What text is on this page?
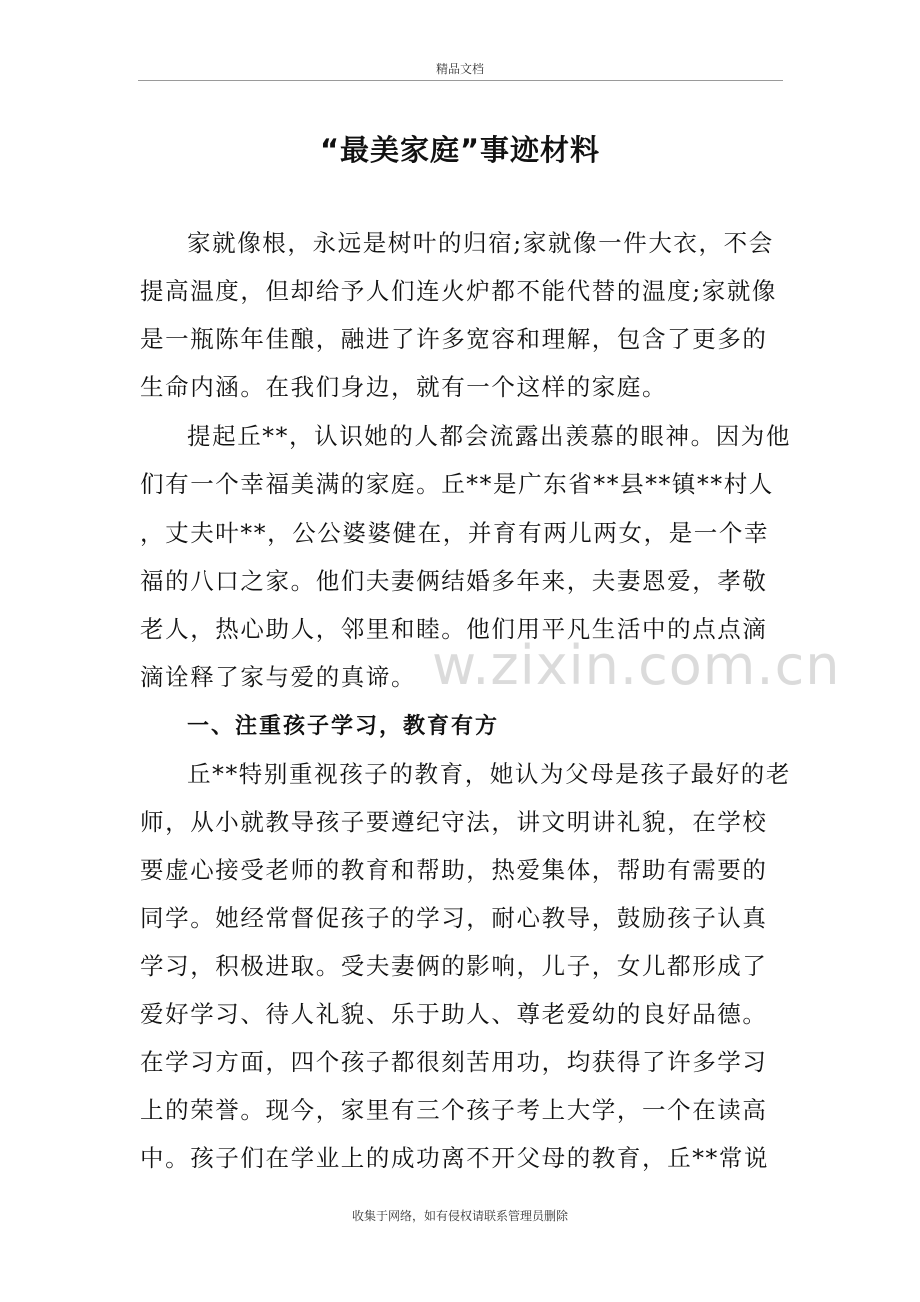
精品文档
“最美家庭”事迹材料
家就像根，永远是树叶的归宿;家就像一件大衣，不会
提高温度，但却给予人们连火炉都不能代替的温度;家就像
是一瓶陈年佳酿，融进了许多宽容和理解，包含了更多的
生命内涵。在我们身边，就有一个这样的家庭。
提起丘**，认识她的人都会流露出羡慕的眼神。因为他
们有一个幸福美满的家庭。丘**是广东省**县**镇**村人
，丈夫叶**，公公婆婆健在，并育有两儿两女，是一个幸
福的八口之家。他们夫妻俩结婚多年来，夫妻恩爱，孝敬
老人，热心助人，邻里和睦。他们用平凡生活中的点点滴
滴诠释了家与爱的真谛。
一、注重孩子学习，教育有方
丘**特别重视孩子的教育，她认为父母是孩子最好的老
师，从小就教导孩子要遵纪守法，讲文明讲礼貌，在学校
要虚心接受老师的教育和帮助，热爱集体，帮助有需要的
同学。她经常督促孩子的学习，耐心教导，鼓励孩子认真
学习，积极进取。受夫妻俩的影响，儿子，女儿都形成了
爱好学习、待人礼貌、乐于助人、尊老爱幼的良好品德。
在学习方面，四个孩子都很刻苦用功，均获得了许多学习
上的荣誉。现今，家里有三个孩子考上大学，一个在读高
中。孩子们在学业上的成功离不开父母的教育，丘**常说
w.zixin.com.cn
收集于网络，如有侵权请联系管理员删除
